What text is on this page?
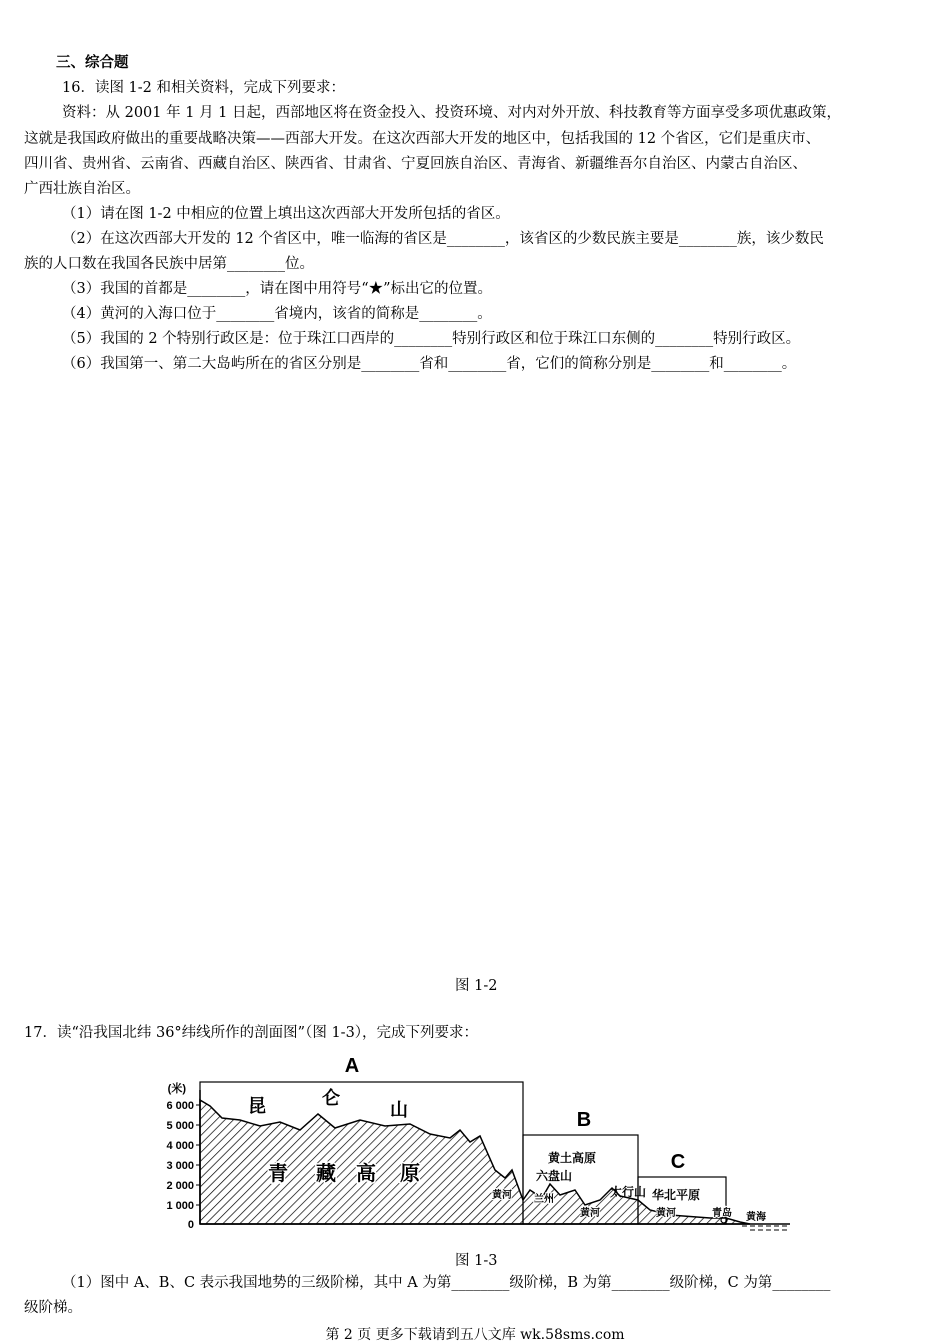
三、综合题
16．读图 1-2 和相关资料，完成下列要求：
资料：从 2001 年 1 月 1 日起，西部地区将在资金投入、投资环境、对内对外开放、科技教育等方面享受多项优惠政策，
这就是我国政府做出的重要战略决策——西部大开发。在这次西部大开发的地区中，包括我国的 12 个省区，它们是重庆市、
四川省、贵州省、云南省、西藏自治区、陕西省、甘肃省、宁夏回族自治区、青海省、新疆维吾尔自治区、内蒙古自治区、
广西壮族自治区。
（1）请在图 1-2 中相应的位置上填出这次西部大开发所包括的省区。
（2）在这次西部大开发的 12 个省区中，唯一临海的省区是________，该省区的少数民族主要是________族，该少数民
族的人口数在我国各民族中居第________位。
（3）我国的首都是________，请在图中用符号“★”标出它的位置。
（4）黄河的入海口位于________省境内，该省的简称是________。
（5）我国的 2 个特别行政区是：位于珠江口西岸的________特别行政区和位于珠江口东侧的________特别行政区。
（6）我国第一、第二大岛屿所在的省区分别是________省和________省，它们的简称分别是________和________。
图 1-2
17．读“沿我国北纬 36°纬线所作的剖面图”（图 1-3），完成下列要求：
(米)
6 000
5 000
4 000
3 000
2 000
1 000
0
A
B
C
昆	仑
山
青 藏 高 原
黄土高原
六盘山
太行山 华北平原
黄河 兰州
黄河	黄河	青岛 黄海
图 1-3
（1）图中 A、B、C 表示我国地势的三级阶梯，其中 A 为第________级阶梯，B 为第________级阶梯，C 为第________
级阶梯。
第 2 页 更多下载请到五八文库 wk.58sms.com
